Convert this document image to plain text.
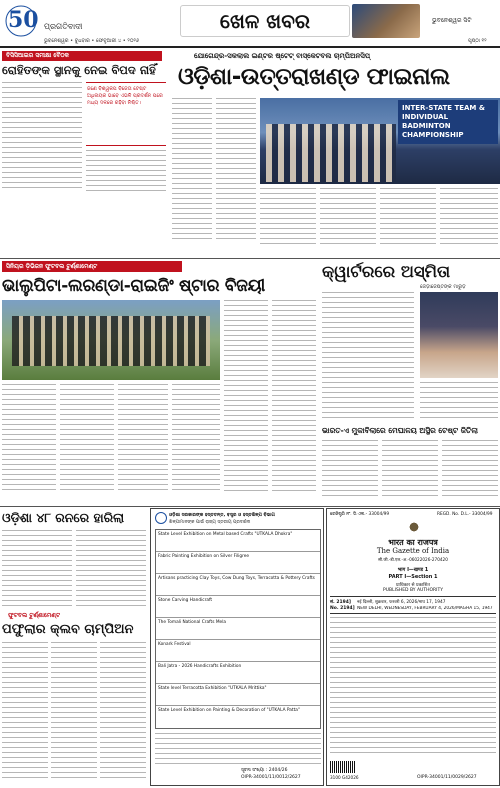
50 ପ୍ରଗତିବାଦୀ	ଖେଳ ଖବର	ଭୁବନେଶ୍ୱର ସିଟି
ଭୁବନେଶ୍ୱର • ବୁଧବାର • ଫେବୃଆରୀ ୪ • ୨୦୨୬	ପୃଷ୍ଠା ୧୨
ବିସିସିଆଇର ସମୀକ୍ଷା ବୈଠକ
ରୋହିତଙ୍କ ସ୍ଥାନକୁ ନେଇ ବିପଦ ନାହିଁ
ଜଣେ ବିଶ୍ୱକପ ବିଜେତା ଟେଷ୍ଟ ଅଧିନାୟକ ଭାବେ ଏଭଳି ପ୍ରଦର୍ଶନ ପରେ ମଧ୍ୟ ଦଳରେ ରହିବା ନିଶ୍ଚିତ।
ଯୋଗେନ୍ଦ୍ର-ସକଲାଲ ଇଣ୍ଟର ଷ୍ଟେଟ୍ ବାସ୍କେଟବଲ ଚାମ୍ପିଅନସିପ୍
ଓଡ଼ିଶା-ଉତ୍ତରାଖଣ୍ଡ ଫାଇନାଲ
INTER-STATE TEAM & INDIVIDUAL BADMINTON CHAMPIONSHIP
ସିନିୟର ଡ଼ିଭିଜନ ଫୁଟବଲ ଟୁର୍ଣ୍ଣାମେଣ୍ଟ
ଭାଲୁପିଟା-ଲରଣ୍ଡା-ରାଇଜିଂ ଷ୍ଟାର ବିଜୟୀ
କ୍ୱାର୍ଟରରେ ଅସ୍ମିତା
ଜେଡ଼ାଜେଷ୍ଟଙ୍କ ମାରୁଡ଼
ଭାରତ-ଏ ମୁକାବିଲାରେ ମେଘାଳୟ ଅସ୍ଥିର ଟେଷ୍ଟ ଜିତିଲା
ଓଡ଼ିଶା ୪୮ ରନରେ ହାରିଲା
ଫୁଟବଲ ଟୁର୍ଣ୍ଣାମେଣ୍ଟ
ପଫୁଲାର କ୍ଲବ ଚାମ୍ପିଅନ
ଓଡ଼ିଶା ସରକାରଙ୍କ ହସ୍ତତନ୍ତ, ବସ୍ତ୍ର ଓ ହସ୍ତଶିଳ୍ପ ବିଭାଗ
ଶିଳ୍ପୀମାନଙ୍କ ପାଇଁ ରାଜ୍ୟ ସ୍ତରୀୟ ପ୍ରଦର୍ଶନୀ
State Level Exhibition on Metal based Crafts "UTKALA Dhokra"
Fabric Painting Exhibition on Silver Filigree
Artisans practicing Clay Toys, Cow Dung Toys, Terracotta & Pottery Crafts
Stone Carving Handicraft
The Tomali National Crafts Mela
Konark Festival
Bali Jatra - 2026 Handicrafts Exhibition
State level Terracotta Exhibition "UTKALA Mrittika"
State Level Exhibition on Painting & Decoration of "UTKALA Patta"
ସୂଚନା ସଂଖ୍ୟା : 2404/26
OIPR-34001/11/0012/2627
ରେଜିଷ୍ଟ୍ରି ନଂ. ଡି.ଏଲ.- 33004/99	REGD. No. D.L.- 33004/99
भारत का राजपत्र
The Gazette of India
सी.जी.-डी.एल.-अ.-06022026-270420
भाग I—खण्ड 1
PART I—Section 1
प्राधिकार से प्रकाशित
PUBLISHED BY AUTHORITY
सं. 2194]
No. 2194]
नई दिल्ली, शुक्रवार, फरवरी 6, 2026/माघ 17, 1947
NEW DELHI, WEDNESDAY, FEBRUARY 4, 2026/MAGHA 15, 1947
3100 G42026	OIPR-34001/11/0029/2627
